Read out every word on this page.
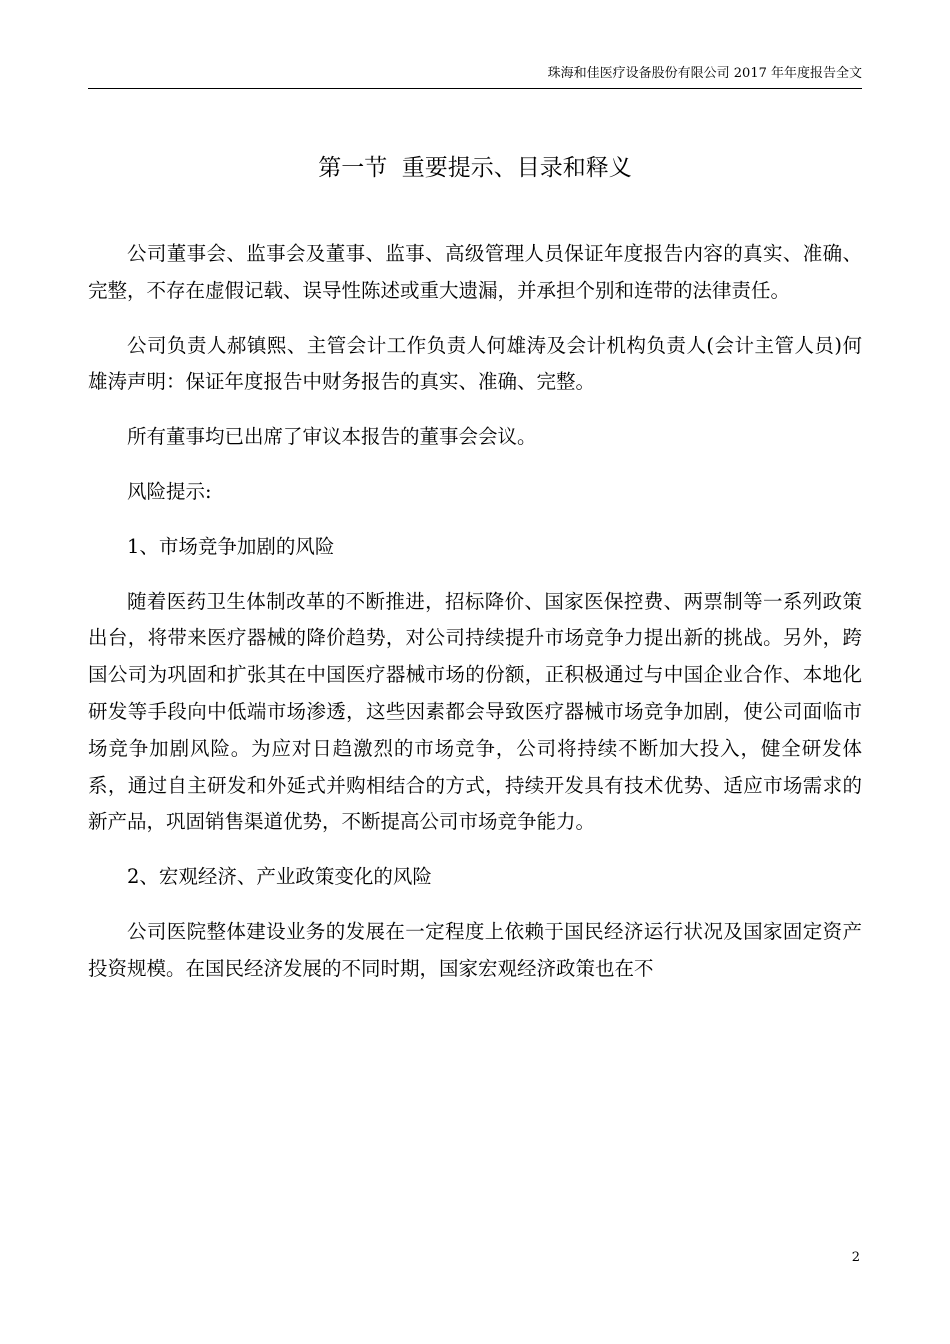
珠海和佳医疗设备股份有限公司 2017 年年度报告全文
第一节  重要提示、目录和释义

公司董事会、监事会及董事、监事、高级管理人员保证年度报告内容的真实、准确、完整，不存在虚假记载、误导性陈述或重大遗漏，并承担个别和连带的法律责任。

公司负责人郝镇熙、主管会计工作负责人何雄涛及会计机构负责人(会计主管人员)何雄涛声明：保证年度报告中财务报告的真实、准确、完整。

所有董事均已出席了审议本报告的董事会会议。

风险提示:

1、市场竞争加剧的风险

随着医药卫生体制改革的不断推进，招标降价、国家医保控费、两票制等一系列政策出台，将带来医疗器械的降价趋势，对公司持续提升市场竞争力提出新的挑战。另外，跨国公司为巩固和扩张其在中国医疗器械市场的份额，正积极通过与中国企业合作、本地化研发等手段向中低端市场渗透，这些因素都会导致医疗器械市场竞争加剧，使公司面临市场竞争加剧风险。为应对日趋激烈的市场竞争，公司将持续不断加大投入，健全研发体系，通过自主研发和外延式并购相结合的方式，持续开发具有技术优势、适应市场需求的新产品，巩固销售渠道优势，不断提高公司市场竞争能力。

2、宏观经济、产业政策变化的风险

公司医院整体建设业务的发展在一定程度上依赖于国民经济运行状况及国家固定资产投资规模。在国民经济发展的不同时期，国家宏观经济政策也在不

2
